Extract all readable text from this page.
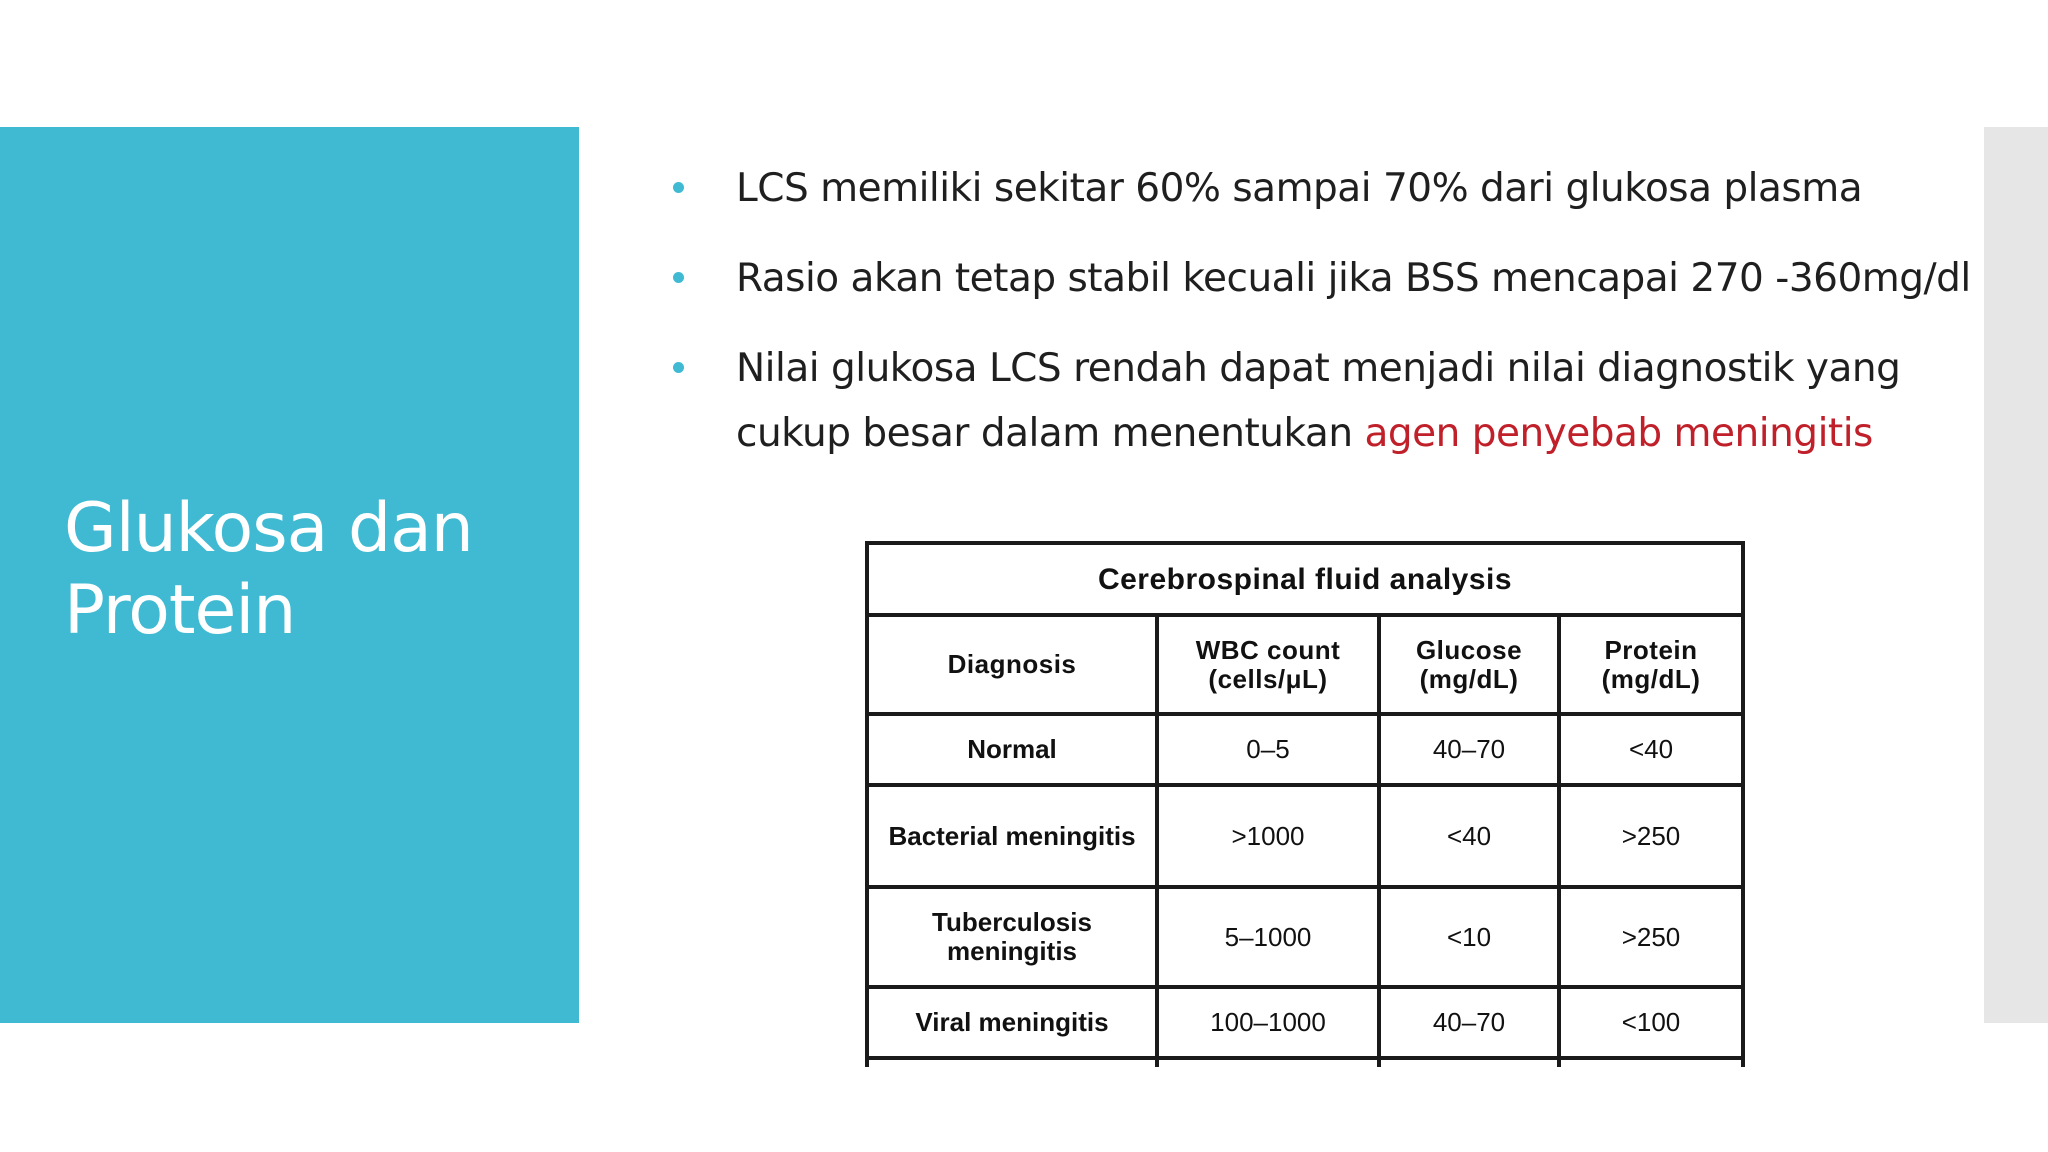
Glukosa dan
Protein
LCS memiliki sekitar 60% sampai 70% dari glukosa plasma
Rasio akan tetap stabil kecuali jika BSS mencapai 270 -360mg/dl
Nilai glukosa LCS rendah dapat menjadi nilai diagnostik yang cukup besar dalam menentukan agen penyebab meningitis
Cerebrospinal fluid analysis			
Diagnosis	WBC count (cells/μL)	Glucose (mg/dL)	Protein (mg/dL)
Normal	0–5	40–70	<40
Bacterial meningitis	>1000	<40	>250
Tuberculosis meningitis	5–1000	<10	>250
Viral meningitis	100–1000	40–70	<100
